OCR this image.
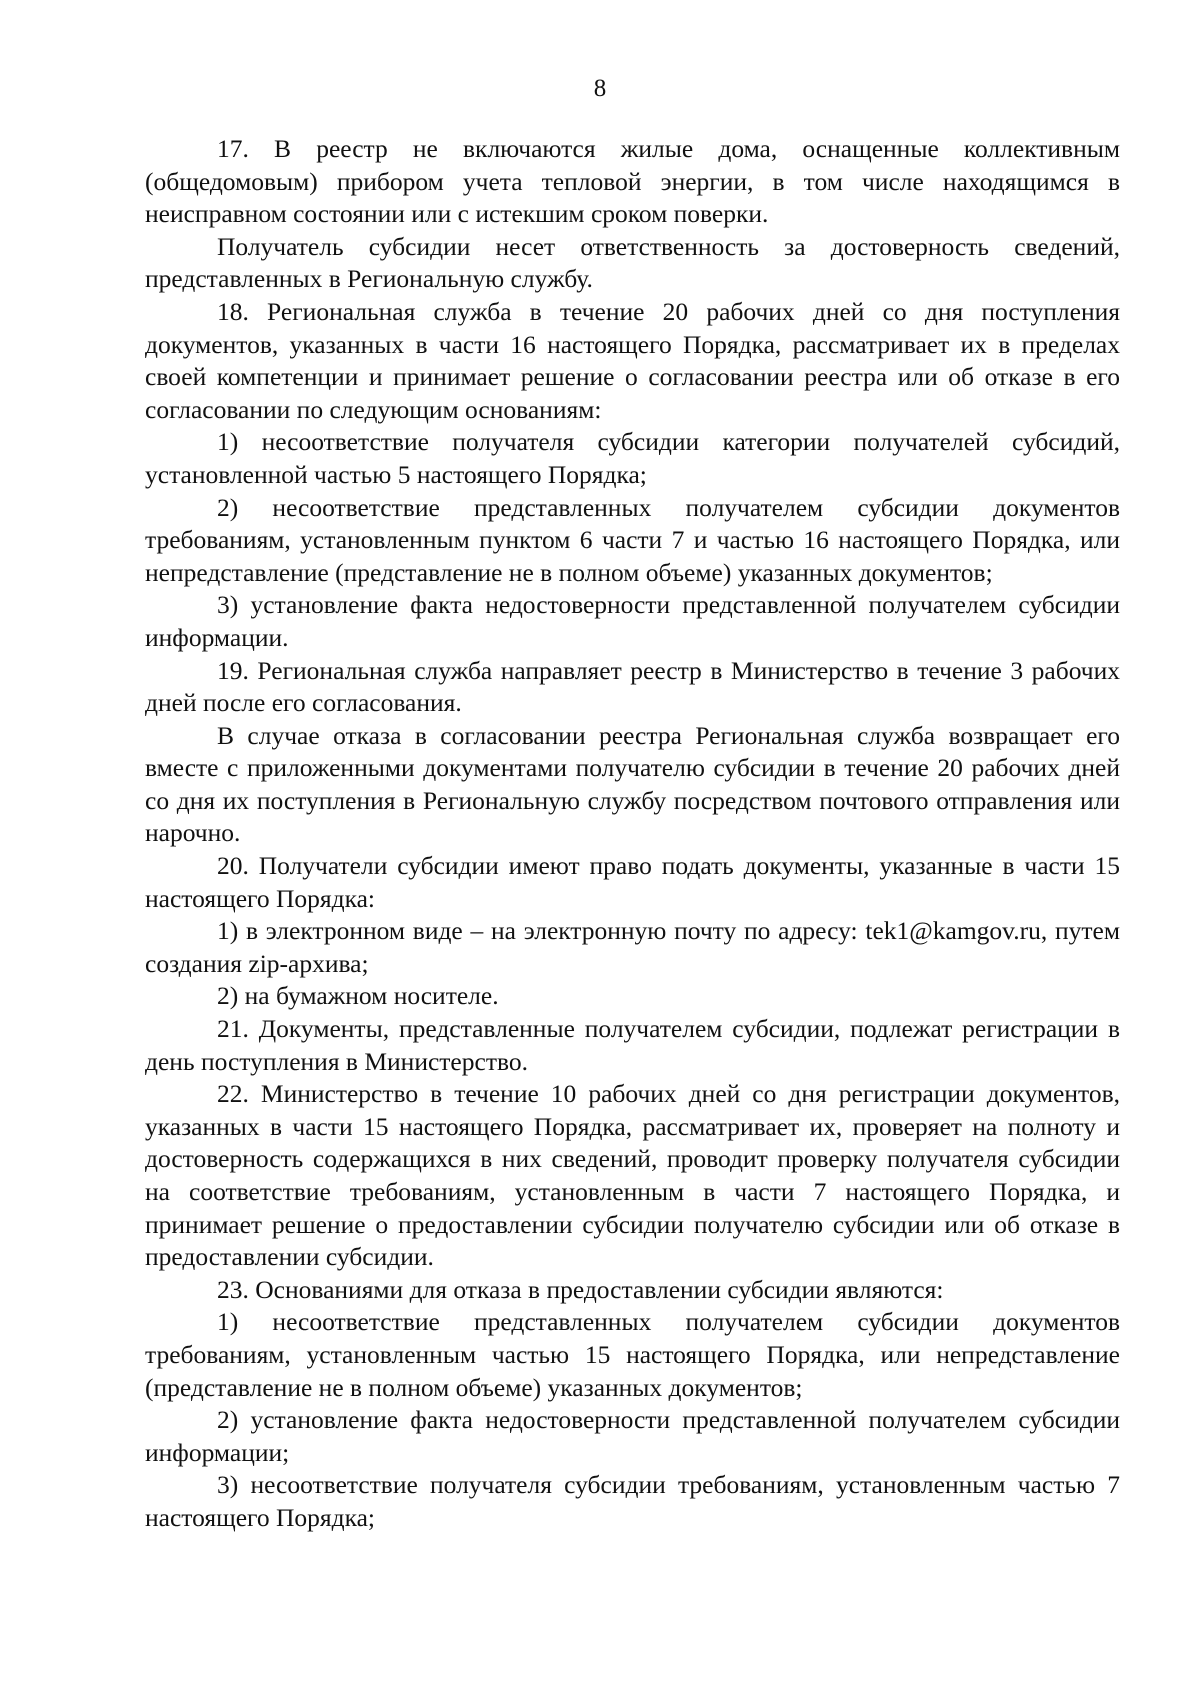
8

17. В реестр не включаются жилые дома, оснащенные коллективным (общедомовым) прибором учета тепловой энергии, в том числе находящимся в неисправном состоянии или с истекшим сроком поверки.

Получатель субсидии несет ответственность за достоверность сведений, представленных в Региональную службу.

18. Региональная служба в течение 20 рабочих дней со дня поступления документов, указанных в части 16 настоящего Порядка, рассматривает их в пределах своей компетенции и принимает решение о согласовании реестра или об отказе в его согласовании по следующим основаниям:

1) несоответствие получателя субсидии категории получателей субсидий, установленной частью 5 настоящего Порядка;

2) несоответствие представленных получателем субсидии документов требованиям, установленным пунктом 6 части 7 и частью 16 настоящего Порядка, или непредставление (представление не в полном объеме) указанных документов;

3) установление факта недостоверности представленной получателем субсидии информации.

19. Региональная служба направляет реестр в Министерство в течение 3 рабочих дней после его согласования.

В случае отказа в согласовании реестра Региональная служба возвращает его вместе с приложенными документами получателю субсидии в течение 20 рабочих дней со дня их поступления в Региональную службу посредством почтового отправления или нарочно.

20. Получатели субсидии имеют право подать документы, указанные в части 15 настоящего Порядка:

1) в электронном виде – на электронную почту по адресу: tek1@kamgov.ru, путем создания zip-архива;

2) на бумажном носителе.

21. Документы, представленные получателем субсидии, подлежат регистрации в день поступления в Министерство.

22. Министерство в течение 10 рабочих дней со дня регистрации документов, указанных в части 15 настоящего Порядка, рассматривает их, проверяет на полноту и достоверность содержащихся в них сведений, проводит проверку получателя субсидии на соответствие требованиям, установленным в части 7 настоящего Порядка, и принимает решение о предоставлении субсидии получателю субсидии или об отказе в предоставлении субсидии.

23. Основаниями для отказа в предоставлении субсидии являются:

1) несоответствие представленных получателем субсидии документов требованиям, установленным частью 15 настоящего Порядка, или непредставление (представление не в полном объеме) указанных документов;

2) установление факта недостоверности представленной получателем субсидии информации;

3) несоответствие получателя субсидии требованиям, установленным частью 7 настоящего Порядка;
